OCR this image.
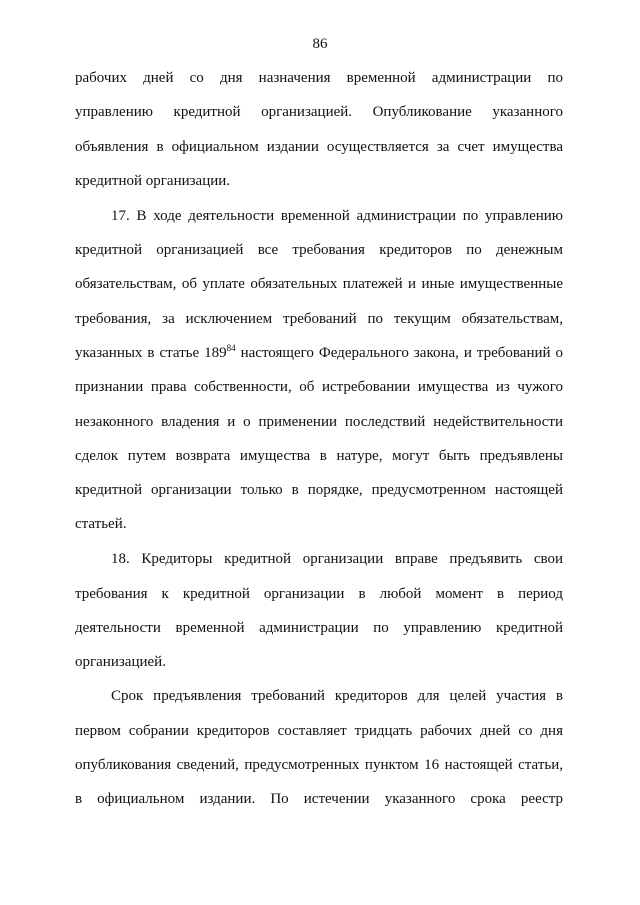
86
рабочих дней со дня назначения временной администрации по
управлению кредитной организацией. Опубликование указанного
объявления в официальном издании осуществляется за счет имущества
кредитной организации.
17. В ходе деятельности временной администрации по управлению
кредитной организацией все требования кредиторов по денежным
обязательствам, об уплате обязательных платежей и иные имущественные
требования, за исключением требований по текущим обязательствам,
указанных в статье $189^{84}$ настоящего Федерального закона, и требований о
признании права собственности, об истребовании имущества из чужого
незаконного владения и о применении последствий недействительности
сделок путем возврата имущества в натуре, могут быть предъявлены
кредитной организации только в порядке, предусмотренном настоящей
статьей.
18. Кредиторы кредитной организации вправе предъявить свои
требования к кредитной организации в любой момент в период
деятельности временной администрации по управлению кредитной
организацией.
Срок предъявления требований кредиторов для целей участия в
первом собрании кредиторов составляет тридцать рабочих дней со дня
опубликования сведений, предусмотренных пунктом 16 настоящей статьи,
в официальном издании. По истечении указанного срока реестр
